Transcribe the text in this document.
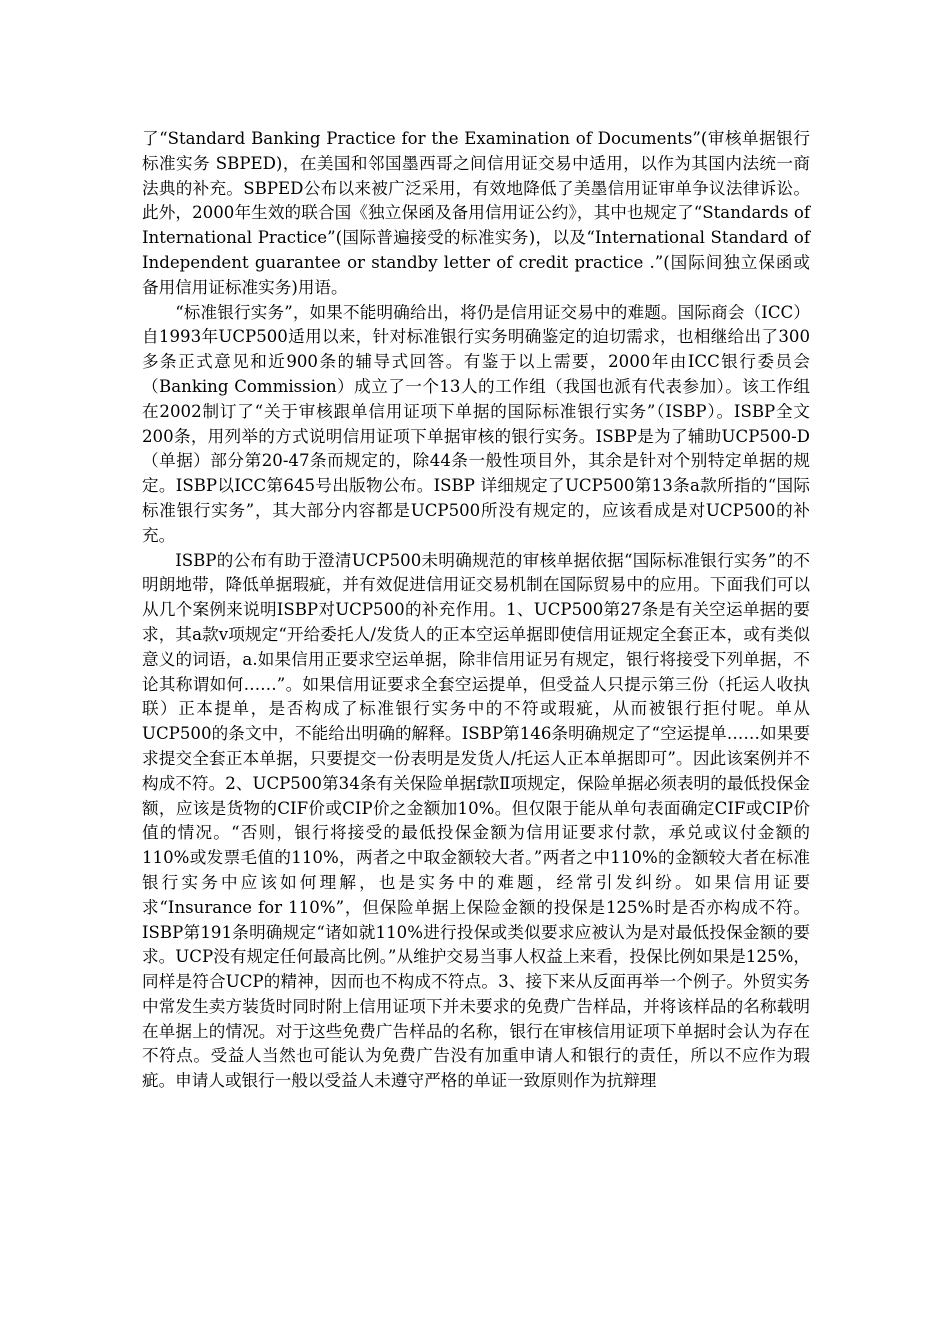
了“Standard Banking Practice for the Examination of Documents”(审核单据银行标准实务 SBPED)，在美国和邻国墨西哥之间信用证交易中适用，以作为其国内法统一商法典的补充。SBPED公布以来被广泛采用，有效地降低了美墨信用证审单争议法律诉讼。 此外，2000年生效的联合国《独立保函及备用信用证公约》，其中也规定了“Standards of International Practice”(国际普遍接受的标准实务)，以及“International Standard of Independent guarantee or standby letter of credit practice .”(国际间独立保函或备用信用证标准实务)用语。

“标准银行实务”，如果不能明确给出，将仍是信用证交易中的难题。国际商会（ICC）自1993年UCP500适用以来，针对标准银行实务明确鉴定的迫切需求，也相继给出了300多条正式意见和近900条的辅导式回答。有鉴于以上需要，2000年由ICC银行委员会（Banking Commission）成立了一个13人的工作组（我国也派有代表参加）。该工作组在2002制订了“关于审核跟单信用证项下单据的国际标准银行实务”（ISBP）。ISBP全文200条，用列举的方式说明信用证项下单据审核的银行实务。ISBP是为了辅助UCP500-D（单据）部分第20-47条而规定的，除44条一般性项目外，其余是针对个别特定单据的规定。ISBP以ICC第645号出版物公布。ISBP 详细规定了UCP500第13条a款所指的“国际标准银行实务”，其大部分内容都是UCP500所没有规定的，应该看成是对UCP500的补充。

ISBP的公布有助于澄清UCP500未明确规范的审核单据依据“国际标准银行实务”的不明朗地带，降低单据瑕疵，并有效促进信用证交易机制在国际贸易中的应用。下面我们可以从几个案例来说明ISBP对UCP500的补充作用。1、UCP500第27条是有关空运单据的要求，其a款v项规定“开给委托人/发货人的正本空运单据即使信用证规定全套正本，或有类似意义的词语，a.如果信用正要求空运单据，除非信用证另有规定，银行将接受下列单据，不论其称谓如何……”。如果信用证要求全套空运提单，但受益人只提示第三份（托运人收执联）正本提单，是否构成了标准银行实务中的不符或瑕疵，从而被银行拒付呢。单从UCP500的条文中，不能给出明确的解释。ISBP第146条明确规定了“空运提单……如果要求提交全套正本单据，只要提交一份表明是发货人/托运人正本单据即可”。因此该案例并不构成不符。2、UCP500第34条有关保险单据f款Ⅱ项规定，保险单据必须表明的最低投保金额，应该是货物的CIF价或CIP价之金额加10%。但仅限于能从单句表面确定CIF或CIP价值的情况。“否则，银行将接受的最低投保金额为信用证要求付款，承兑或议付金额的110%或发票毛值的110%，两者之中取金额较大者。”两者之中110%的金额较大者在标准银行实务中应该如何理解，也是实务中的难题，经常引发纠纷。如果信用证要求“Insurance for 110%”，但保险单据上保险金额的投保是125%时是否亦构成不符。ISBP第191条明确规定“诸如就110%进行投保或类似要求应被认为是对最低投保金额的要求。UCP没有规定任何最高比例。”从维护交易当事人权益上来看，投保比例如果是125%，同样是符合UCP的精神，因而也不构成不符点。3、接下来从反面再举一个例子。外贸实务中常发生卖方装货时同时附上信用证项下并未要求的免费广告样品，并将该样品的名称载明在单据上的情况。对于这些免费广告样品的名称，银行在审核信用证项下单据时会认为存在不符点。受益人当然也可能认为免费广告没有加重申请人和银行的责任，所以不应作为瑕疵。申请人或银行一般以受益人未遵守严格的单证一致原则作为抗辩理
